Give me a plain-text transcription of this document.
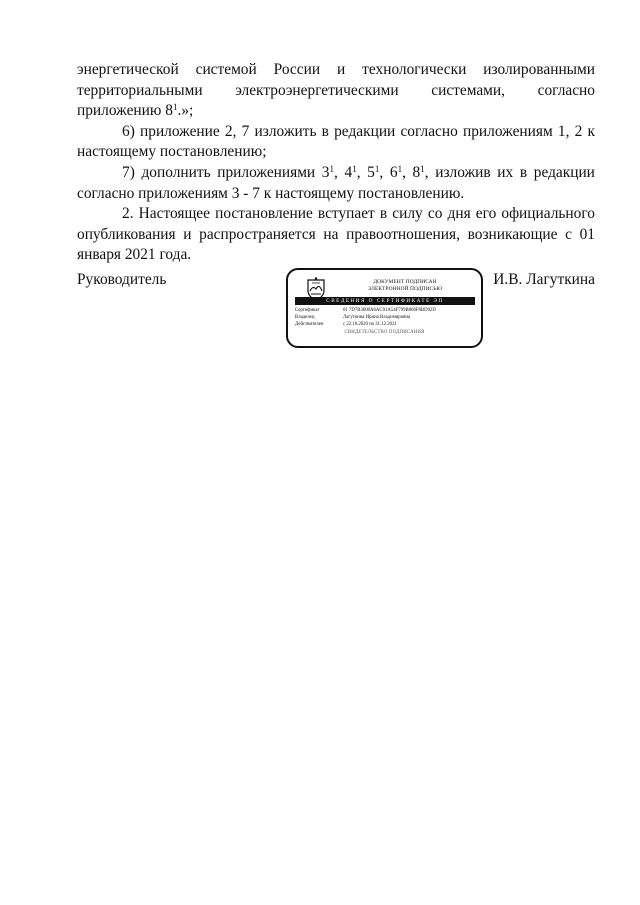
энергетической системой России и технологически изолированными территориальными электроэнергетическими системами, согласно приложению $8^1$.»;

6) приложение 2, 7 изложить в редакции согласно приложениям 1, 2 к настоящему постановлению;

7) дополнить приложениями $3^1$, $4^1$, $5^1$, $6^1$, $8^1$, изложив их в редакции согласно приложениям 3 - 7 к настоящему постановлению.

2. Настоящее постановление вступает в силу со дня его официального опубликования и распространяется на правоотношения, возникающие с 01 января 2021 года.

Руководитель	И.В. Лагуткина
ДОКУМЕНТ ПОДПИСАН
ЭЛЕКТРОННОЙ ПОДПИСЬЮ
СВЕДЕНИЯ О СЕРТИФИКАТЕ ЭП
Сертификат	01 7D7B3600A6AC91A54F799B866F8BD92D
Владелец	Лагуткина Ирина Владимировна
Действителен	с 22.10.2020 по 31.12.2021
СВИДЕТЕЛЬСТВО ПОДПИСАНИЯ
